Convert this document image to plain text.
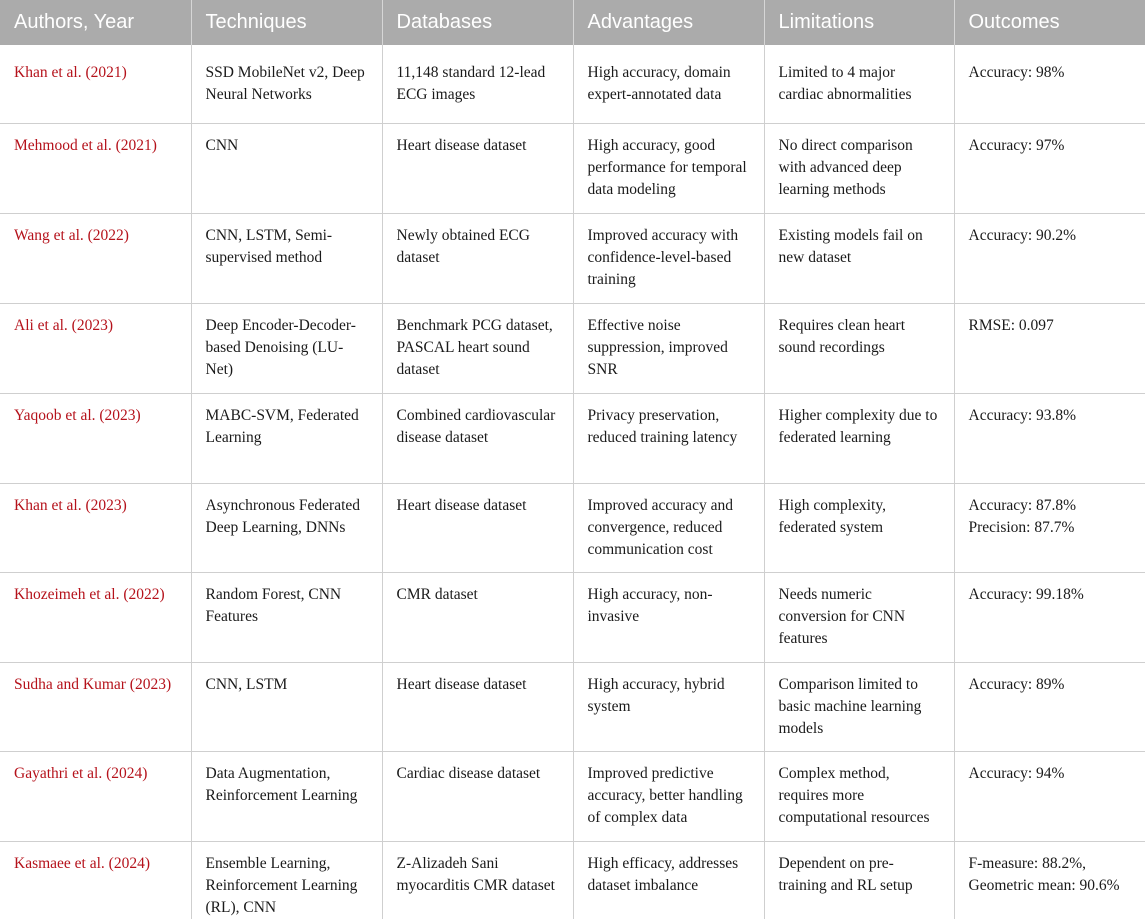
Authors, Year	Techniques	Databases	Advantages	Limitations	Outcomes
Khan et al. (2021)	SSD MobileNet v2, Deep Neural Networks	11,148 standard 12-lead ECG images	High accuracy, domain expert-annotated data	Limited to 4 major cardiac abnormalities	Accuracy: 98%

Mehmood et al. (2021)	CNN	Heart disease dataset	High accuracy, good performance for temporal data modeling	No direct comparison with advanced deep learning methods	Accuracy: 97%

Wang et al. (2022)	CNN, LSTM, Semi-supervised method	Newly obtained ECG dataset	Improved accuracy with confidence-level-based training	Existing models fail on new dataset	Accuracy: 90.2%

Ali et al. (2023)	Deep Encoder-Decoder-based Denoising (LU-Net)	Benchmark PCG dataset, PASCAL heart sound dataset	Effective noise suppression, improved SNR	Requires clean heart sound recordings	RMSE: 0.097

Yaqoob et al. (2023)	MABC-SVM, Federated Learning	Combined cardiovascular disease dataset	Privacy preservation, reduced training latency	Higher complexity due to federated learning	Accuracy: 93.8%

Khan et al. (2023)	Asynchronous Federated Deep Learning, DNNs	Heart disease dataset	Improved accuracy and convergence, reduced communication cost	High complexity, federated system	Accuracy: 87.8%
Precision: 87.7%

Khozeimeh et al. (2022)	Random Forest, CNN Features	CMR dataset	High accuracy, non-invasive	Needs numeric conversion for CNN features	Accuracy: 99.18%

Sudha and Kumar (2023)	CNN, LSTM	Heart disease dataset	High accuracy, hybrid system	Comparison limited to basic machine learning models	Accuracy: 89%

Gayathri et al. (2024)	Data Augmentation, Reinforcement Learning	Cardiac disease dataset	Improved predictive accuracy, better handling of complex data	Complex method, requires more computational resources	Accuracy: 94%

Kasmaee et al. (2024)	Ensemble Learning, Reinforcement Learning (RL), CNN	Z-Alizadeh Sani myocarditis CMR dataset	High efficacy, addresses dataset imbalance	Dependent on pre-training and RL setup	F-measure: 88.2%,
Geometric mean: 90.6%
